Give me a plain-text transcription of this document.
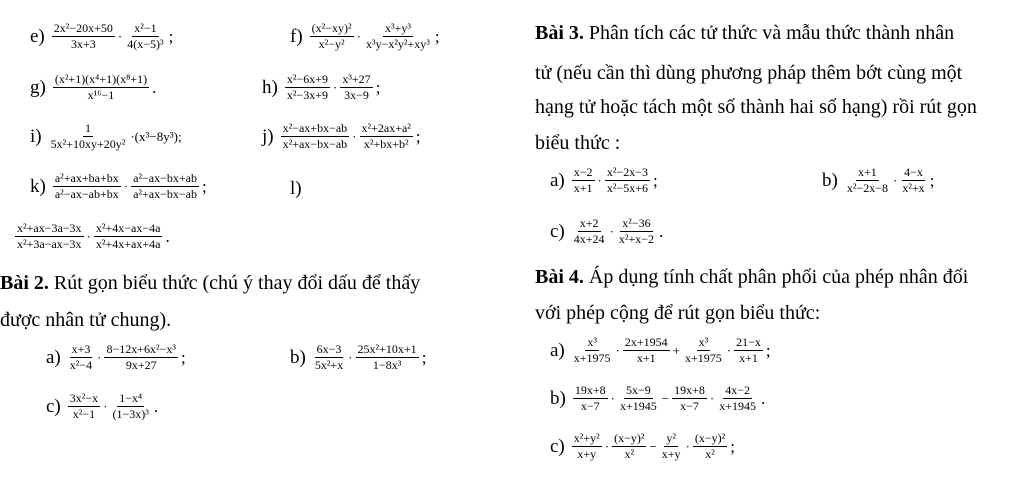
$e) \frac{\text{2x²−20x+50}}{3x+3} \cdot \frac{\text{x²−1}}{\text{4(x−5)³}}$ ;	$f) \frac{\text{(x²−xy)²}}{\text{x²−y²}} \cdot \frac{\text{x³+y³}}{\text{x³y−x²y²+xy³}}$ ;
$g) \frac{\text{(x²+1)(x⁴+1)(x⁸+1)}}{\text{x¹⁶−1}}$ .	$h) \frac{\text{x²−6x+9}}{\text{x²−3x+9}} \cdot \frac{\text{x³+27}}{3x-9}$ ;
$i) \frac{1}{\text{5x²+10xy+20y²}} \cdot(x^3-8y^3)$;	$j) \frac{\text{x²−ax+bx−ab}}{\text{x²+ax−bx−ab}} \cdot \frac{\text{x²+2ax+a²}}{\text{x²+bx+b²}}$ ;
$k) \frac{\text{a²+ax+ba+bx}}{\text{a²−ax−ab+bx}} \cdot \frac{\text{a²−ax−bx+ab}}{\text{a²+ax−bx−ab}}$ ;	l)
$\frac{\text{x²+ax−3a−3x}}{\text{x²+3a−ax−3x}} \cdot \frac{\text{x²+4x−ax−4a}}{\text{x²+4x+ax+4a}}$ .
Bài 2. Rút gọn biểu thức (chú ý thay đổi dấu để thấy
được nhân tử chung).
$a) \frac{x+3}{\text{x²−4}} \cdot \frac{\text{8−12x+6x²−x³}}{9x+27}$ ;	$b) \frac{6x-3}{\text{5x²+x}} \cdot \frac{\text{25x²+10x+1}}{\text{1−8x³}}$ ;
$c) \frac{\text{3x²−x}}{\text{x²−1}} \cdot \frac{\text{1−x⁴}}{\text{(1−3x)³}}$ .
Bài 3. Phân tích các tử thức và mẫu thức thành nhân
tử (nếu cần thì dùng phương pháp thêm bớt cùng một
hạng tử hoặc tách một số thành hai số hạng) rồi rút gọn
biểu thức :
$a) \frac{x-2}{x+1} \cdot \frac{\text{x²−2x−3}}{\text{x²−5x+6}}$ ;	$b) \frac{x+1}{\text{x²−2x−8}} \cdot \frac{4-x}{\text{x²+x}}$ ;
$c) \frac{x+2}{4x+24} \cdot \frac{\text{x²−36}}{\text{x²+x−2}}$ .
Bài 4. Áp dụng tính chất phân phối của phép nhân đối
với phép cộng để rút gọn biểu thức:
$a) \frac{\text{x³}}{x+1975} \cdot \frac{2x+1954}{x+1} + \frac{\text{x³}}{x+1975} \cdot \frac{21-x}{x+1}$ ;
$b) \frac{19x+8}{x-7} \cdot \frac{5x-9}{x+1945} - \frac{19x+8}{x-7} \cdot \frac{4x-2}{x+1945}$ .
$c) \frac{\text{x²+y²}}{x+y} \cdot \frac{\text{(x−y)²}}{\text{x²}} - \frac{\text{y²}}{x+y} \cdot \frac{\text{(x−y)²}}{\text{x²}}$ ;
